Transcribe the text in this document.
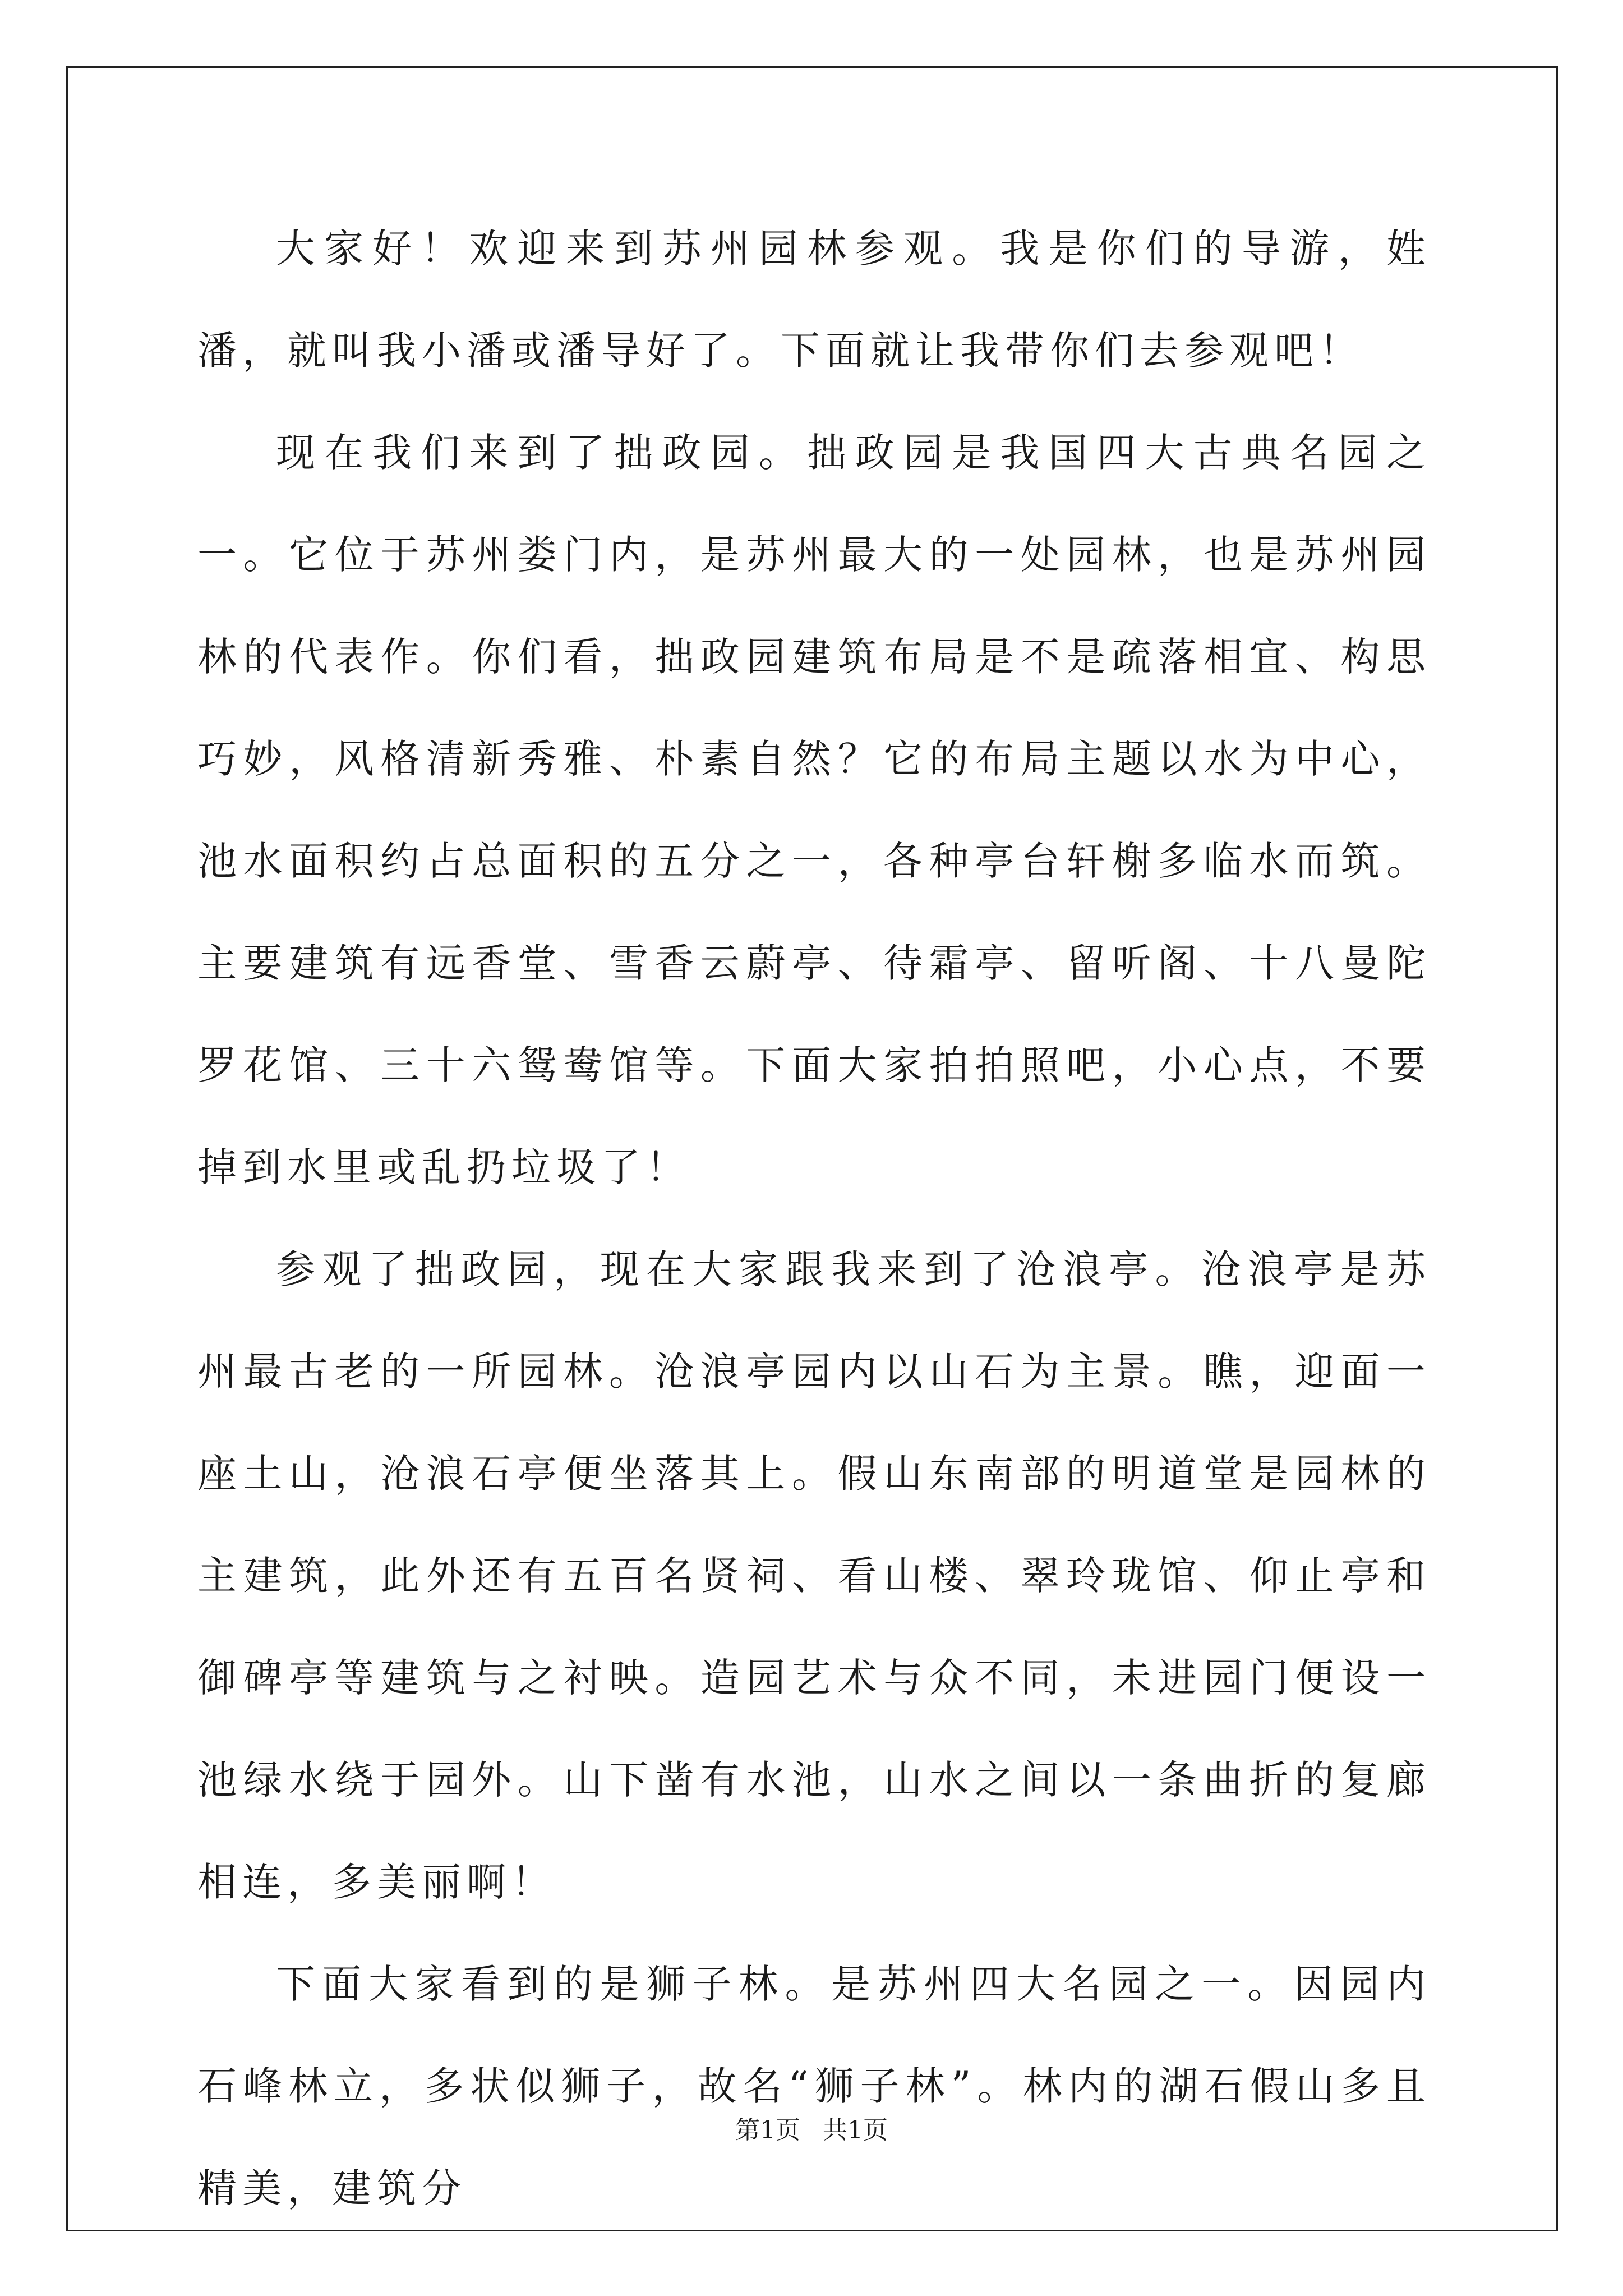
大家好！欢迎来到苏州园林参观。我是你们的导游，姓潘，就叫我小潘或潘导好了。下面就让我带你们去参观吧！

现在我们来到了拙政园。拙政园是我国四大古典名园之一。它位于苏州娄门内，是苏州最大的一处园林，也是苏州园林的代表作。你们看，拙政园建筑布局是不是疏落相宜、构思巧妙，风格清新秀雅、朴素自然？它的布局主题以水为中心，池水面积约占总面积的五分之一，各种亭台轩榭多临水而筑。主要建筑有远香堂、雪香云蔚亭、待霜亭、留听阁、十八曼陀罗花馆、三十六鸳鸯馆等。下面大家拍拍照吧，小心点，不要掉到水里或乱扔垃圾了！

参观了拙政园，现在大家跟我来到了沧浪亭。沧浪亭是苏州最古老的一所园林。沧浪亭园内以山石为主景。瞧，迎面一座土山，沧浪石亭便坐落其上。假山东南部的明道堂是园林的主建筑，此外还有五百名贤祠、看山楼、翠玲珑馆、仰止亭和御碑亭等建筑与之衬映。造园艺术与众不同，未进园门便设一池绿水绕于园外。山下凿有水池，山水之间以一条曲折的复廊相连，多美丽啊！

下面大家看到的是狮子林。是苏州四大名园之一。因园内石峰林立，多状似狮子，故名“狮子林”。林内的湖石假山多且精美，建筑分

第1页 共1页
